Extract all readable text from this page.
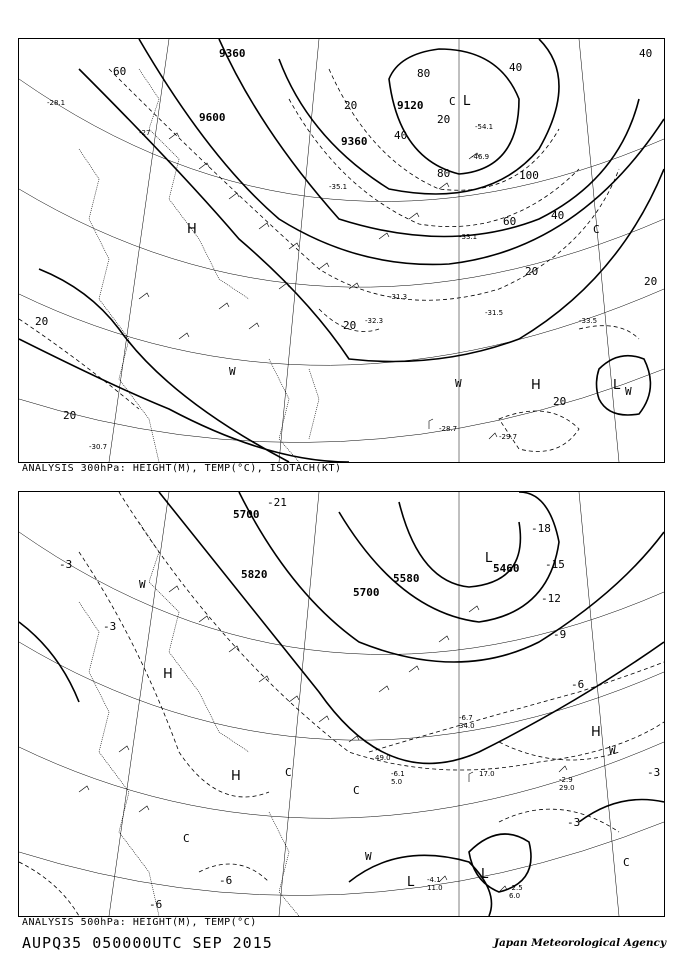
9360
9600
9120
9360
60
20
40
80
20
40
100
80
60	40
20
40
20
20
20
20
20
L
H
W
H	L
W
C
C
W
-28.1
-27
-31.3
-32.3
-31.5
-33.1
-30.7
-28.7
-29.7
-33.5
-46.9
-54.1
-35.1
ANALYSIS 300hPa: HEIGHT(M), TEMP(°C), ISOTACH(KT)
5700
5820
5700
5460
5580
-21
-18
-15
-12
-9
-6
-3
-3
-6
-3
-6
-3
L
H
H
W
W
C
C
L
L
H
W
C
C
-4.1
11.0	-2.5
6.0
-6.1
5.0	-2.9
29.0
-6.7
34.0
49.0
17.0
ANALYSIS 500hPa: HEIGHT(M), TEMP(°C)
AUPQ35 050000UTC SEP 2015	Japan Meteorological Agency
